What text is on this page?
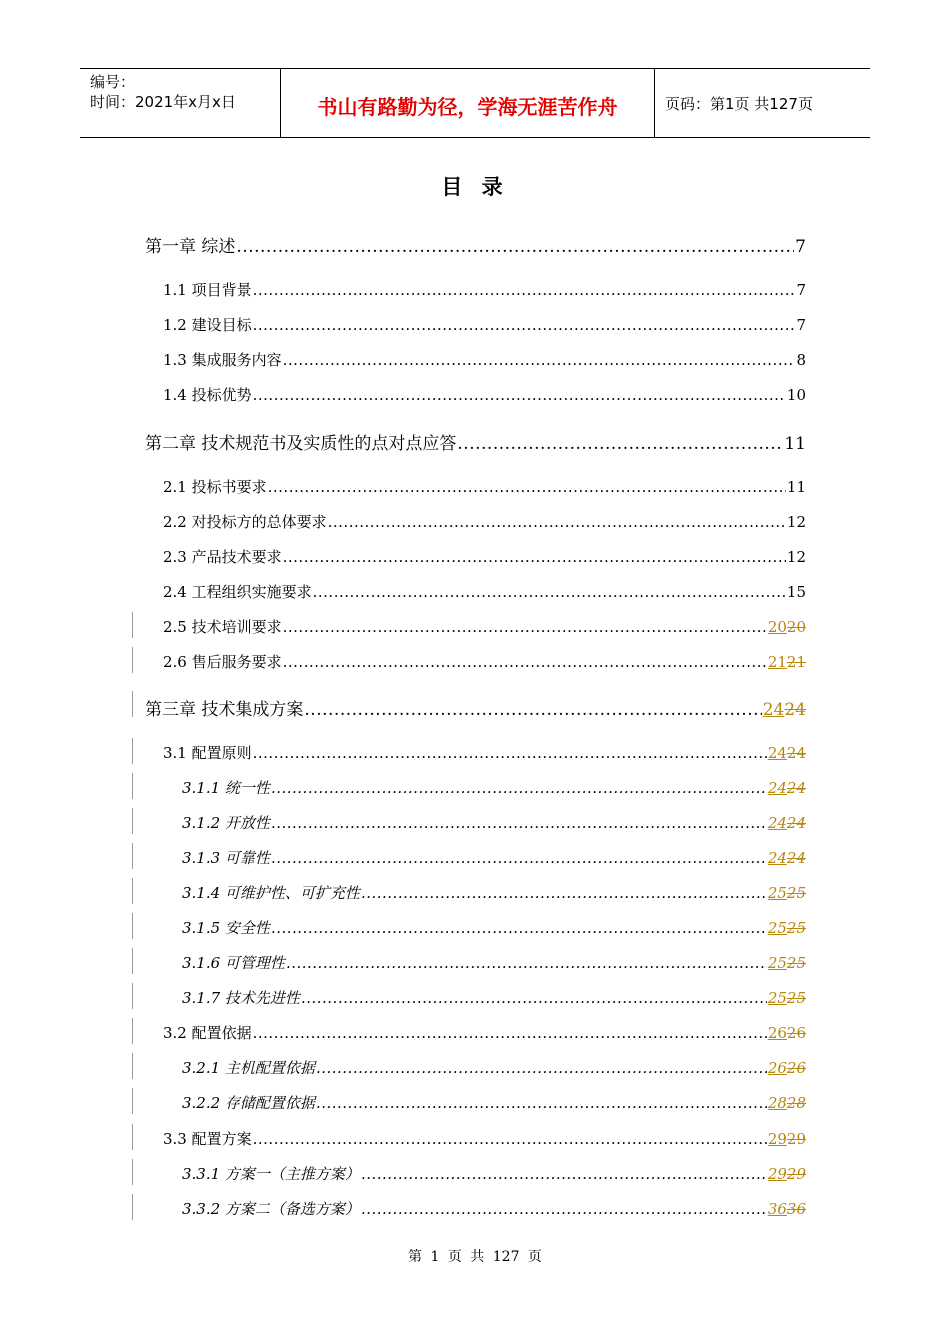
编号：
时间：2021年x月x日	书山有路勤为径，学海无涯苦作舟	页码：第1页 共127页
目 录
第一章 综述 .....	7
1.1 项目背景 .....	7
1.2 建设目标 .....	7
1.3 集成服务内容 .....	8
1.4 投标优势 .....	10
第二章 技术规范书及实质性的点对点应答 .....	11
2.1 投标书要求 .....	11
2.2 对投标方的总体要求 .....	12
2.3 产品技术要求 .....	12
2.4 工程组织实施要求 .....	15
2.5 技术培训要求 .....	2020
2.6 售后服务要求 .....	2121
第三章 技术集成方案 .....	2424
3.1 配置原则 .....	2424
3.1.1 统一性 .....	2424
3.1.2 开放性 .....	2424
3.1.3 可靠性 .....	2424
3.1.4 可维护性、可扩充性 .....	2525
3.1.5 安全性 .....	2525
3.1.6 可管理性 .....	2525
3.1.7 技术先进性 .....	2525
3.2 配置依据 .....	2626
3.2.1 主机配置依据 .....	2626
3.2.2 存储配置依据 .....	2828
3.3 配置方案 .....	2929
3.3.1 方案一（主推方案） .....	2929
3.3.2 方案二（备选方案） .....	3636
第 1 页 共 127 页
